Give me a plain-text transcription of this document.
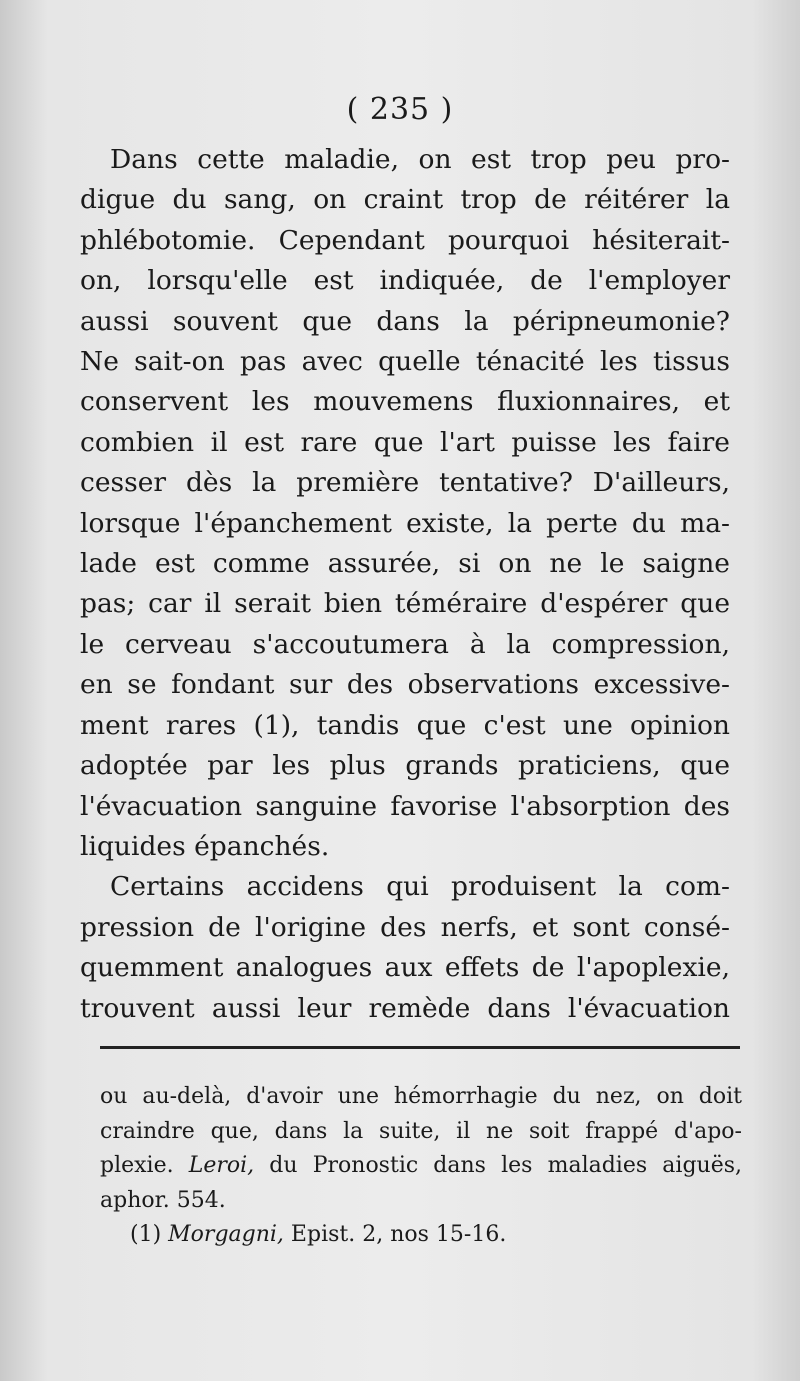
( 235 )

Dans cette maladie, on est trop peu pro-
digue du sang, on craint trop de réitérer la
phlébotomie. Cependant pourquoi hésiterait-
on, lorsqu'elle est indiquée, de l'employer
aussi souvent que dans la péripneumonie?
Ne sait-on pas avec quelle ténacité les tissus
conservent les mouvemens fluxionnaires, et
combien il est rare que l'art puisse les faire
cesser dès la première tentative? D'ailleurs,
lorsque l'épanchement existe, la perte du ma-
lade est comme assurée, si on ne le saigne
pas; car il serait bien téméraire d'espérer que
le cerveau s'accoutumera à la compression,
en se fondant sur des observations excessive-
ment rares (1), tandis que c'est une opinion
adoptée par les plus grands praticiens, que
l'évacuation sanguine favorise l'absorption des
liquides épanchés.

Certains accidens qui produisent la com-
pression de l'origine des nerfs, et sont consé-
quemment analogues aux effets de l'apoplexie,
trouvent aussi leur remède dans l'évacuation

ou au-delà, d'avoir une hémorrhagie du nez, on doit
craindre que, dans la suite, il ne soit frappé d'apo-
plexie. Leroi, du Pronostic dans les maladies aiguës,
aphor. 554.
(1) Morgagni, Epist. 2, nos 15-16.
